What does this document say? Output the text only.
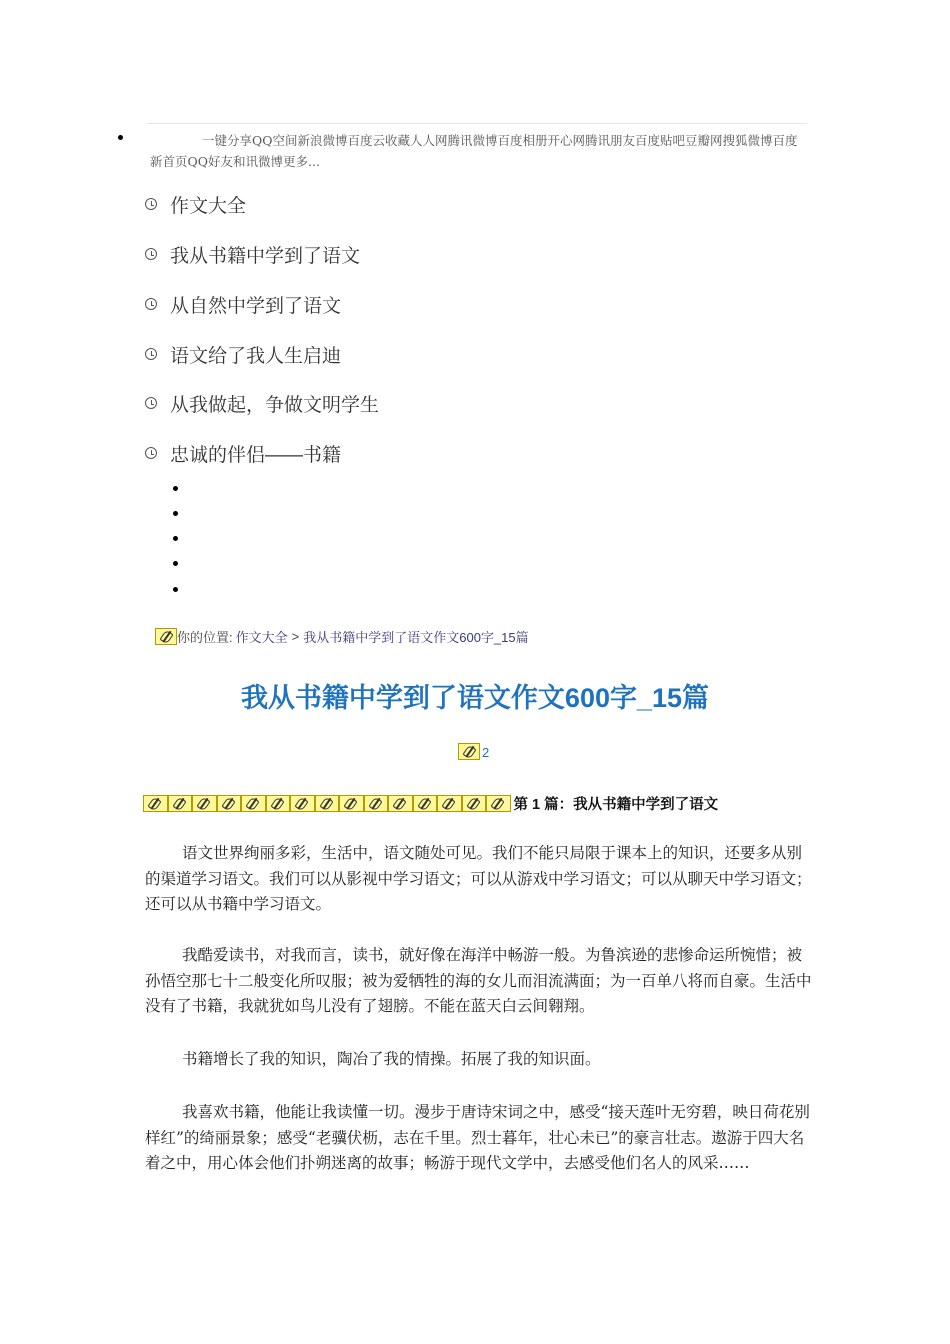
一键分享QQ空间新浪微博百度云收藏人人网腾讯微博百度相册开心网腾讯朋友百度贴吧豆瓣网搜狐微博百度新首页QQ好友和讯微博更多...
作文大全
我从书籍中学到了语文
从自然中学到了语文
语文给了我人生启迪
从我做起，争做文明学生
忠诚的伴侣——书籍
你的位置: 作文大全 > 我从书籍中学到了语文作文600字_15篇
我从书籍中学到了语文作文600字_15篇
2
第 1 篇：我从书籍中学到了语文

语文世界绚丽多彩，生活中，语文随处可见。我们不能只局限于课本上的知识，还要多从别的渠道学习语文。我们可以从影视中学习语文；可以从游戏中学习语文；可以从聊天中学习语文；还可以从书籍中学习语文。

我酷爱读书，对我而言，读书，就好像在海洋中畅游一般。为鲁滨逊的悲惨命运所惋惜；被孙悟空那七十二般变化所叹服；被为爱牺牲的海的女儿而泪流满面；为一百单八将而自豪。生活中没有了书籍，我就犹如鸟儿没有了翅膀。不能在蓝天白云间翱翔。

书籍增长了我的知识，陶冶了我的情操。拓展了我的知识面。

我喜欢书籍，他能让我读懂一切。漫步于唐诗宋词之中，感受“接天莲叶无穷碧，映日荷花别样红”的绮丽景象；感受“老骥伏枥，志在千里。烈士暮年，壮心未已”的豪言壮志。遨游于四大名着之中，用心体会他们扑朔迷离的故事；畅游于现代文学中，去感受他们名人的风采……
